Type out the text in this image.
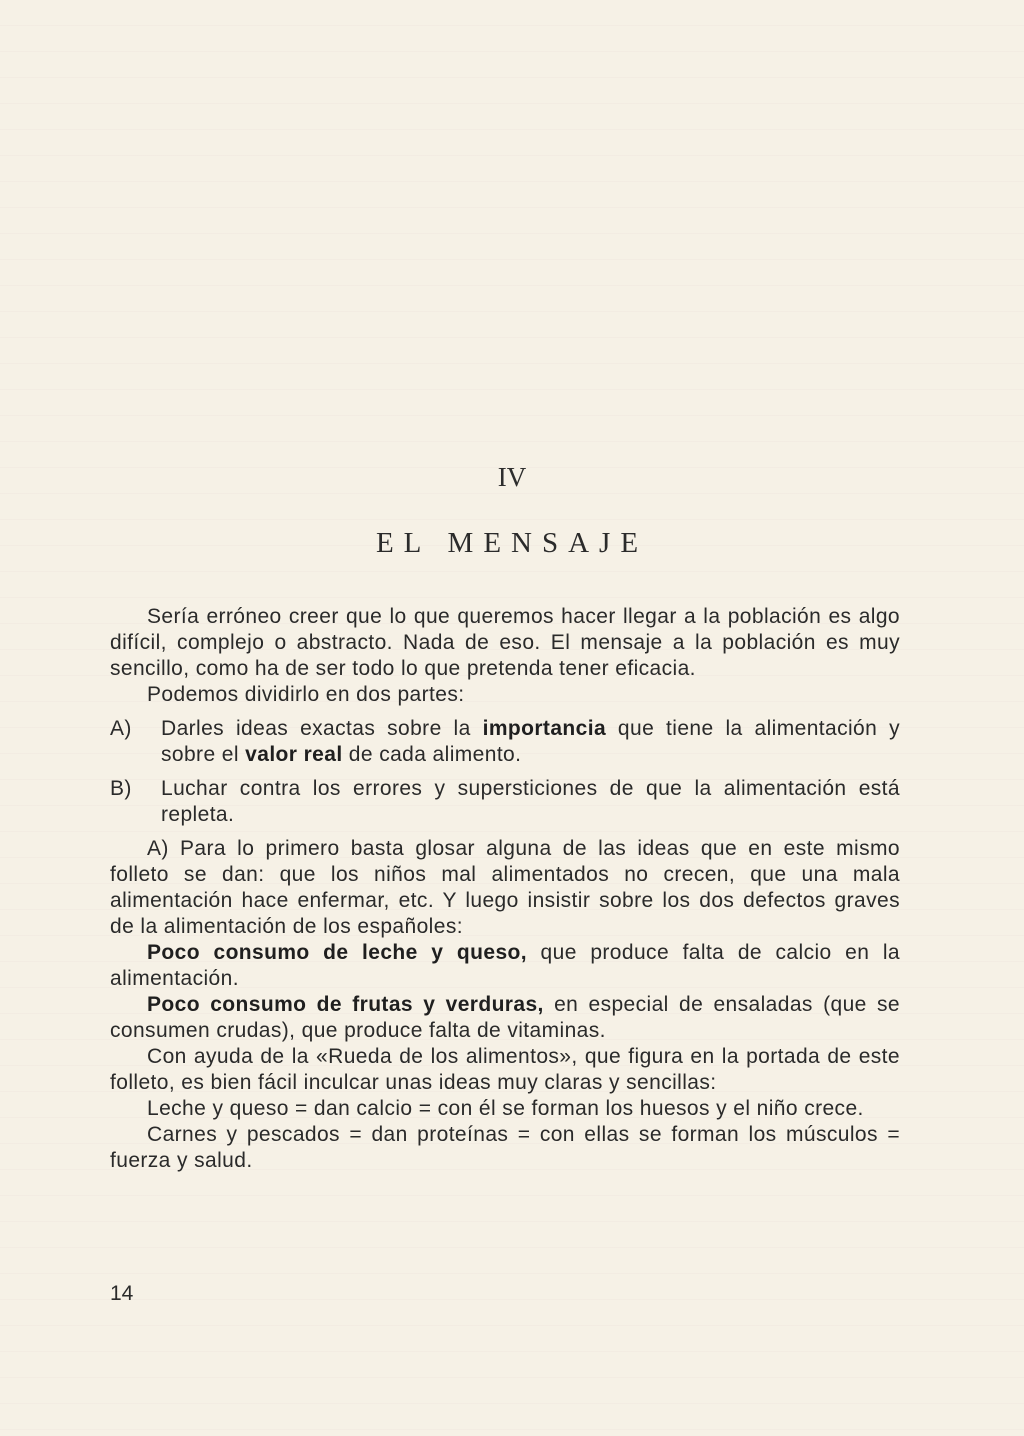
IV
EL MENSAJE

Sería erróneo creer que lo que queremos hacer llegar a la población es algo difícil, complejo o abstracto. Nada de eso. El mensaje a la población es muy sencillo, como ha de ser todo lo que pretenda tener eficacia.

Podemos dividirlo en dos partes:

A)	Darles ideas exactas sobre la importancia que tiene la alimentación y sobre el valor real de cada alimento.
B)	Luchar contra los errores y supersticiones de que la alimentación está repleta.

A) Para lo primero basta glosar alguna de las ideas que en este mismo folleto se dan: que los niños mal alimentados no crecen, que una mala alimentación hace enfermar, etc. Y luego insistir sobre los dos defectos graves de la alimentación de los españoles:

Poco consumo de leche y queso, que produce falta de calcio en la alimentación.

Poco consumo de frutas y verduras, en especial de ensaladas (que se consumen crudas), que produce falta de vitaminas.

Con ayuda de la «Rueda de los alimentos», que figura en la portada de este folleto, es bien fácil inculcar unas ideas muy claras y sencillas:

Leche y queso = dan calcio = con él se forman los huesos y el niño crece.

Carnes y pescados = dan proteínas = con ellas se forman los músculos = fuerza y salud.

14
